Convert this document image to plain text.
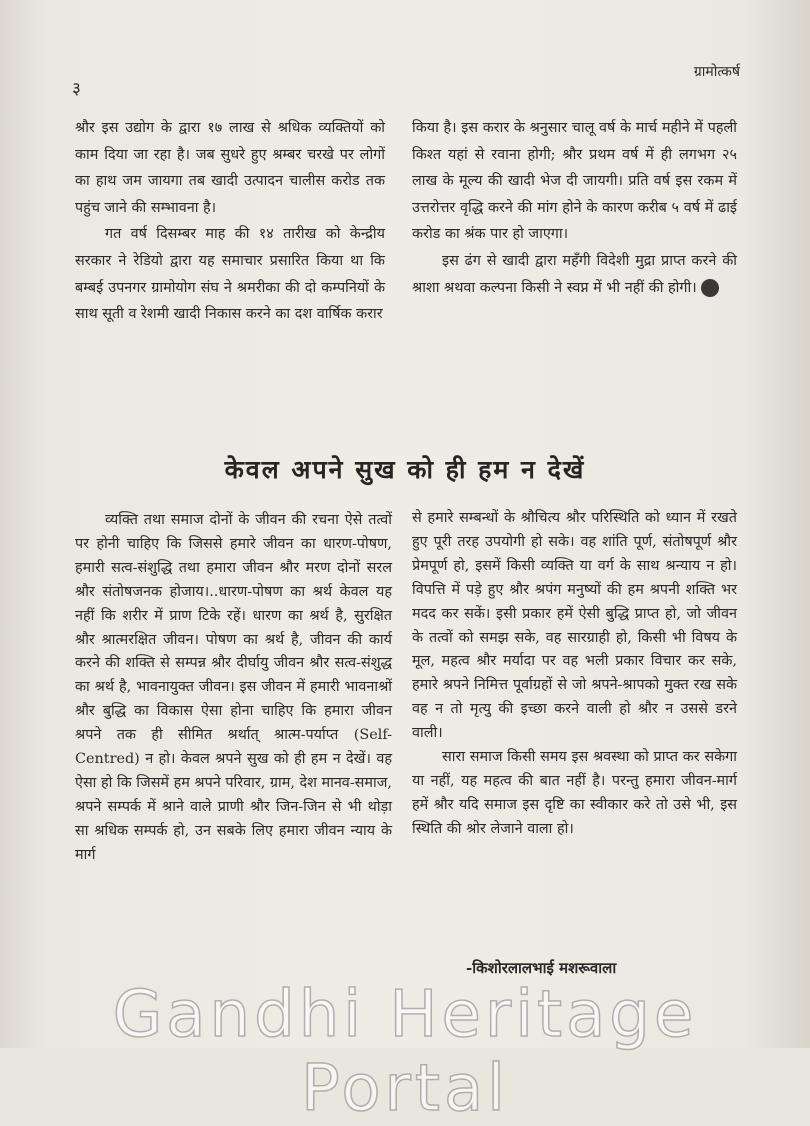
३
ग्रामोत्कर्ष

श्रौर इस उद्योग के द्वारा १७ लाख से श्रधिक व्यक्तियों को काम दिया जा रहा है। जब सुधरे हुए श्रम्बर चरखे पर लोगों का हाथ जम जायगा तब खादी उत्पादन चालीस करोड तक पहुंच जाने की सम्भावना है।

गत वर्ष दिसम्बर माह की १४ तारीख को केन्द्रीय सरकार ने रेडियो द्वारा यह समाचार प्रसारित किया था कि बम्बई उपनगर ग्रामोयोग संघ ने श्रमरीका की दो कम्पनियों के साथ सूती व रेशमी खादी निकास करने का दश वार्षिक करार

किया है। इस करार के श्रनुसार चालू वर्ष के मार्च महीने में पहली किश्त यहां से रवाना होगी; श्रौर प्रथम वर्ष में ही लगभग २५ लाख के मूल्य की खादी भेज दी जायगी। प्रति वर्ष इस रकम में उत्तरोत्तर वृद्धि करने की मांग होने के कारण करीब ५ वर्ष में ढाई करोड का श्रंक पार हो जाएगा।

इस ढंग से खादी द्वारा महँगी विदेशी मुद्रा प्राप्त करने की श्राशा श्रथवा कल्पना किसी ने स्वप्न में भी नहीं की होगी।

केवल अपने सुख को ही हम न देखें

व्यक्ति तथा समाज दोनों के जीवन की रचना ऐसे तत्वों पर होनी चाहिए कि जिससे हमारे जीवन का धारण-पोषण, हमारी सत्व-संशुद्धि तथा हमारा जीवन श्रौर मरण दोनों सरल श्रौर संतोषजनक होजाय।..धारण-पोषण का श्रर्थ केवल यह नहीं कि शरीर में प्राण टिके रहें। धारण का श्रर्थ है, सुरक्षित श्रौर श्रात्मरक्षित जीवन। पोषण का श्रर्थ है, जीवन की कार्य करने की शक्ति से सम्पन्न श्रौर दीर्घायु जीवन श्रौर सत्व-संशुद्ध का श्रर्थ है, भावनायुक्त जीवन। इस जीवन में हमारी भावनाश्रों श्रौर बुद्धि का विकास ऐसा होना चाहिए कि हमारा जीवन श्रपने तक ही सीमित श्रर्थात् श्रात्म-पर्याप्त (Self-Centred) न हो। केवल श्रपने सुख को ही हम न देखें। वह ऐसा हो कि जिसमें हम श्रपने परिवार, ग्राम, देश मानव-समाज, श्रपने सम्पर्क में श्राने वाले प्राणी श्रौर जिन-जिन से भी थोड़ा सा श्रधिक सम्पर्क हो, उन सबके लिए हमारा जीवन न्याय के मार्ग

से हमारे सम्बन्धों के श्रौचित्य श्रौर परिस्थिति को ध्यान में रखते हुए पूरी तरह उपयोगी हो सके। वह शांति पूर्ण, संतोषपूर्ण श्रौर प्रेमपूर्ण हो, इसमें किसी व्यक्ति या वर्ग के साथ श्रन्याय न हो। विपत्ति में पड़े हुए श्रौर श्रपंग मनुष्यों की हम श्रपनी शक्ति भर मदद कर सकें। इसी प्रकार हमें ऐसी बुद्धि प्राप्त हो, जो जीवन के तत्वों को समझ सके, वह सारग्राही हो, किसी भी विषय के मूल, महत्व श्रौर मर्यादा पर वह भली प्रकार विचार कर सके, हमारे श्रपने निमित्त पूर्वाग्रहों से जो श्रपने-श्रापको मुक्त रख सके वह न तो मृत्यु की इच्छा करने वाली हो श्रौर न उससे डरने वाली।

सारा समाज किसी समय इस श्रवस्था को प्राप्त कर सकेगा या नहीं, यह महत्व की बात नहीं है। परन्तु हमारा जीवन-मार्ग हमें श्रौर यदि समाज इस दृष्टि का स्वीकार करे तो उसे भी, इस स्थिति की श्रोर लेजाने वाला हो।

-किशोरलालभाई मशरूवाला
Gandhi Heritage Portal
